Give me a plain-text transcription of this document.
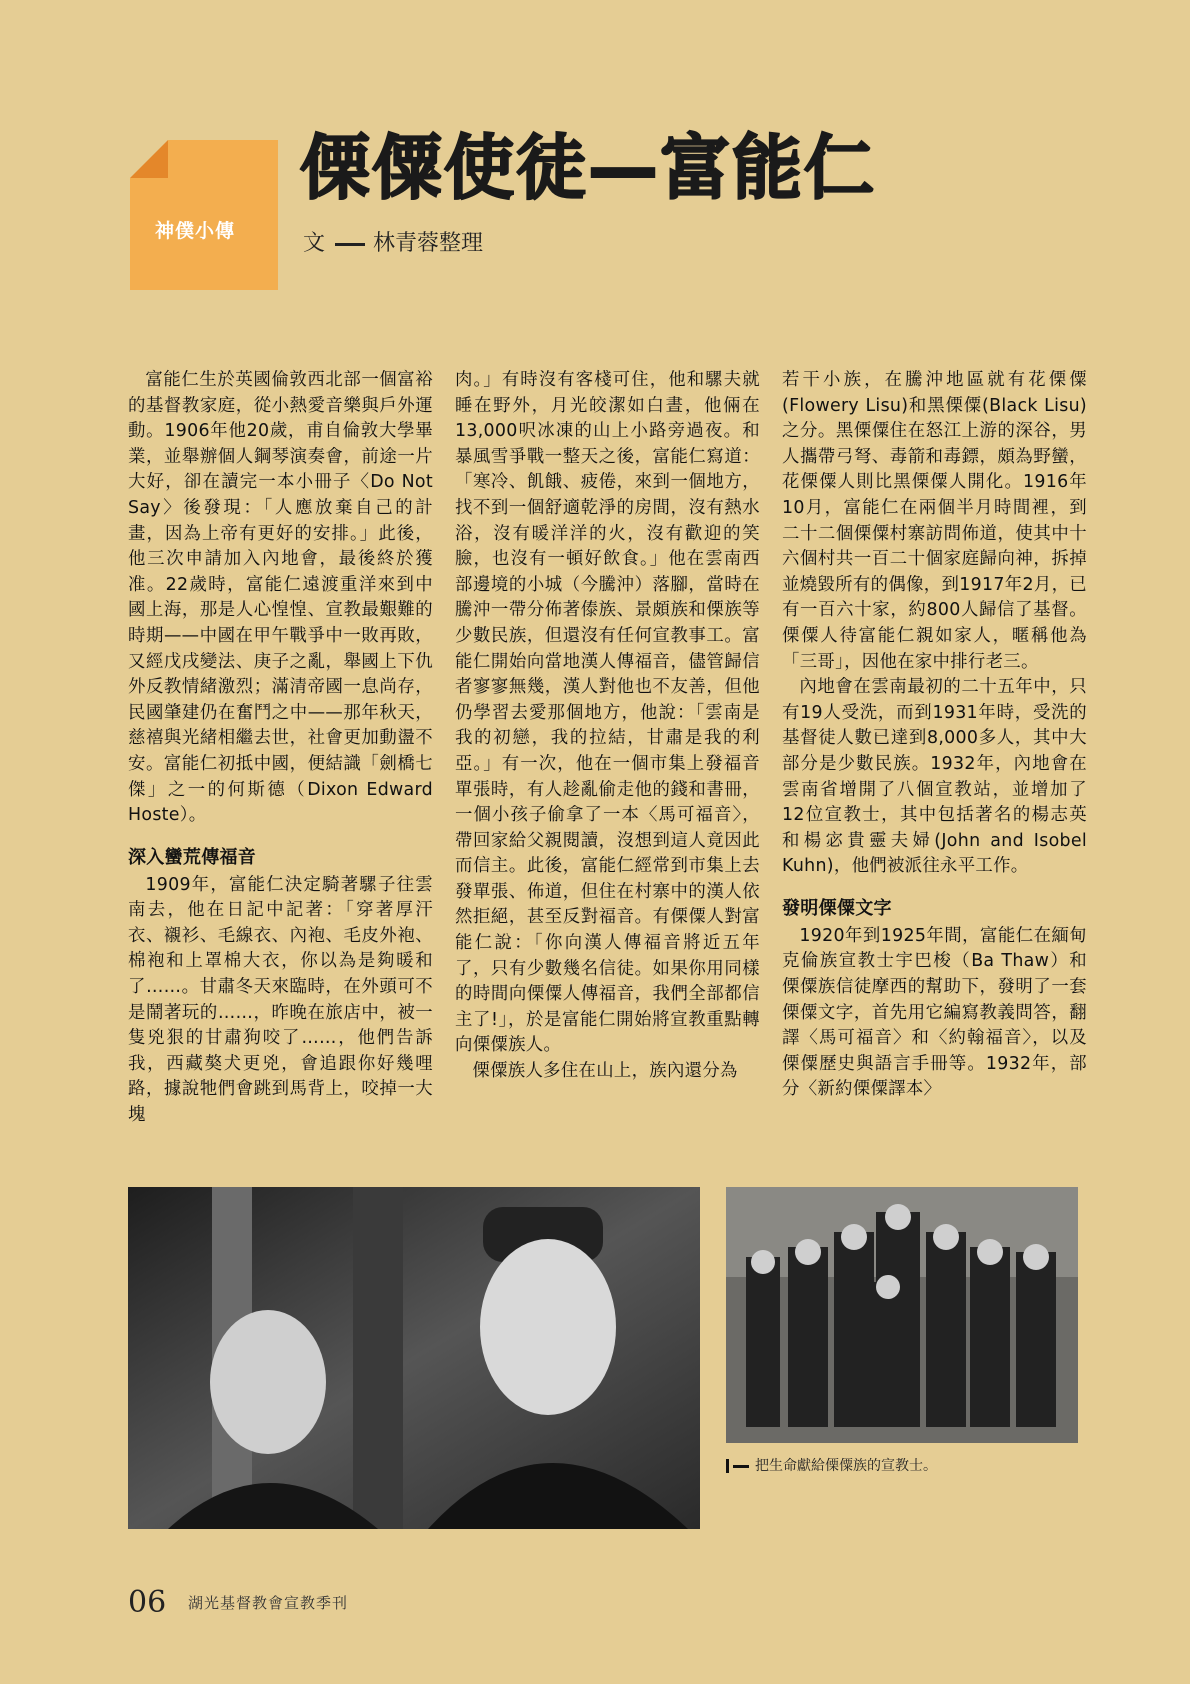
神僕小傳
傈僳使徒—富能仁
文 林青蓉整理

富能仁生於英國倫敦西北部一個富裕的基督教家庭，從小熱愛音樂與戶外運動。1906年他20歲，甫自倫敦大學畢業，並舉辦個人鋼琴演奏會，前途一片大好，卻在讀完一本小冊子〈Do Not Say〉後發現：「人應放棄自己的計畫，因為上帝有更好的安排。」此後，他三次申請加入內地會，最後終於獲准。22歲時，富能仁遠渡重洋來到中國上海，那是人心惶惶、宣教最艱難的時期——中國在甲午戰爭中一敗再敗，又經戊戌變法、庚子之亂，舉國上下仇外反教情緒激烈；滿清帝國一息尚存，民國肇建仍在奮鬥之中——那年秋天，慈禧與光緒相繼去世，社會更加動盪不安。富能仁初抵中國，便結識「劍橋七傑」之一的何斯德（Dixon Edward Hoste）。

深入蠻荒傳福音

1909年，富能仁決定騎著騾子往雲南去，他在日記中記著：「穿著厚汗衣、襯衫、毛線衣、內袍、毛皮外袍、棉袍和上罩棉大衣，你以為是夠暖和了……。甘肅冬天來臨時，在外頭可不是鬧著玩的……，昨晚在旅店中，被一隻兇狠的甘肅狗咬了……，他們告訴我，西藏獒犬更兇，會追跟你好幾哩路，據說牠們會跳到馬背上，咬掉一大塊

肉。」有時沒有客棧可住，他和騾夫就睡在野外，月光皎潔如白晝，他倆在13,000呎冰凍的山上小路旁過夜。和暴風雪爭戰一整天之後，富能仁寫道：「寒冷、飢餓、疲倦，來到一個地方，找不到一個舒適乾淨的房間，沒有熱水浴，沒有暖洋洋的火，沒有歡迎的笑臉，也沒有一頓好飲食。」他在雲南西部邊境的小城（今騰沖）落腳，當時在騰沖一帶分佈著傣族、景頗族和傈族等少數民族，但還沒有任何宣教事工。富能仁開始向當地漢人傳福音，儘管歸信者寥寥無幾，漢人對他也不友善，但他仍學習去愛那個地方，他說：「雲南是我的初戀，我的拉結，甘肅是我的利亞。」有一次，他在一個市集上發福音單張時，有人趁亂偷走他的錢和書冊，一個小孩子偷拿了一本〈馬可福音〉，帶回家給父親閱讀，沒想到這人竟因此而信主。此後，富能仁經常到市集上去發單張、佈道，但住在村寨中的漢人依然拒絕，甚至反對福音。有傈僳人對富能仁說：「你向漢人傳福音將近五年了，只有少數幾名信徒。如果你用同樣的時間向傈僳人傳福音，我們全部都信主了!」，於是富能仁開始將宣教重點轉向傈僳族人。

傈僳族人多住在山上，族內還分為

若干小族，在騰沖地區就有花傈僳(Flowery Lisu)和黑傈僳(Black Lisu)之分。黑傈僳住在怒江上游的深谷，男人攜帶弓弩、毒箭和毒鏢，頗為野蠻，花傈僳人則比黑傈僳人開化。1916年10月，富能仁在兩個半月時間裡，到二十二個傈僳村寨訪問佈道，使其中十六個村共一百二十個家庭歸向神，拆掉並燒毀所有的偶像，到1917年2月，已有一百六十家，約800人歸信了基督。傈僳人待富能仁親如家人，暱稱他為「三哥」，因他在家中排行老三。

內地會在雲南最初的二十五年中，只有19人受洗，而到1931年時，受洗的基督徒人數已達到8,000多人，其中大部分是少數民族。1932年，內地會在雲南省增開了八個宣教站，並增加了12位宣教士，其中包括著名的楊志英和楊宓貴靈夫婦(John and Isobel Kuhn)，他們被派往永平工作。

發明傈僳文字

1920年到1925年間，富能仁在緬甸克倫族宣教士宇巴梭（Ba Thaw）和傈僳族信徒摩西的幫助下，發明了一套傈僳文字，首先用它編寫教義問答，翻譯〈馬可福音〉和〈約翰福音〉，以及傈僳歷史與語言手冊等。1932年，部分〈新約傈僳譯本〉

把生命獻給傈僳族的宣教士。
06 湖光基督教會宣教季刊
